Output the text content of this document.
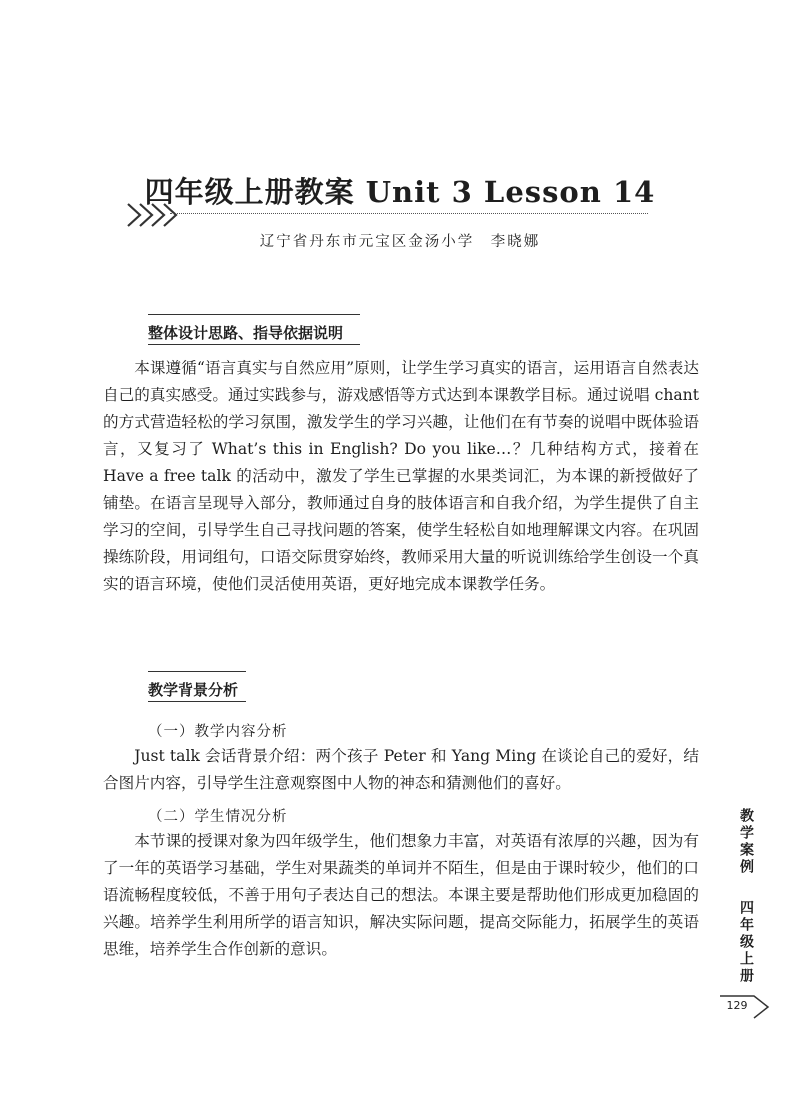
四年级上册教案 Unit 3 Lesson 14
辽宁省丹东市元宝区金汤小学　李晓娜
整体设计思路、指导依据说明
本课遵循“语言真实与自然应用”原则，让学生学习真实的语言，运用语言自然表达自己的真实感受。通过实践参与，游戏感悟等方式达到本课教学目标。通过说唱 chant 的方式营造轻松的学习氛围，激发学生的学习兴趣，让他们在有节奏的说唱中既体验语言，又复习了 What’s this in English? Do you like…？几种结构方式，接着在 Have a free talk 的活动中，激发了学生已掌握的水果类词汇，为本课的新授做好了铺垫。在语言呈现导入部分，教师通过自身的肢体语言和自我介绍，为学生提供了自主学习的空间，引导学生自己寻找问题的答案，使学生轻松自如地理解课文内容。在巩固操练阶段，用词组句，口语交际贯穿始终，教师采用大量的听说训练给学生创设一个真实的语言环境，使他们灵活使用英语，更好地完成本课教学任务。
教学背景分析
（一）教学内容分析
Just talk 会话背景介绍：两个孩子 Peter 和 Yang Ming 在谈论自己的爱好，结合图片内容，引导学生注意观察图中人物的神态和猜测他们的喜好。
（二）学生情况分析
本节课的授课对象为四年级学生，他们想象力丰富，对英语有浓厚的兴趣，因为有了一年的英语学习基础，学生对果蔬类的单词并不陌生，但是由于课时较少，他们的口语流畅程度较低，不善于用句子表达自己的想法。本课主要是帮助他们形成更加稳固的兴趣。培养学生利用所学的语言知识，解决实际问题，提高交际能力，拓展学生的英语思维，培养学生合作创新的意识。
教学案例
四年级上册
129
